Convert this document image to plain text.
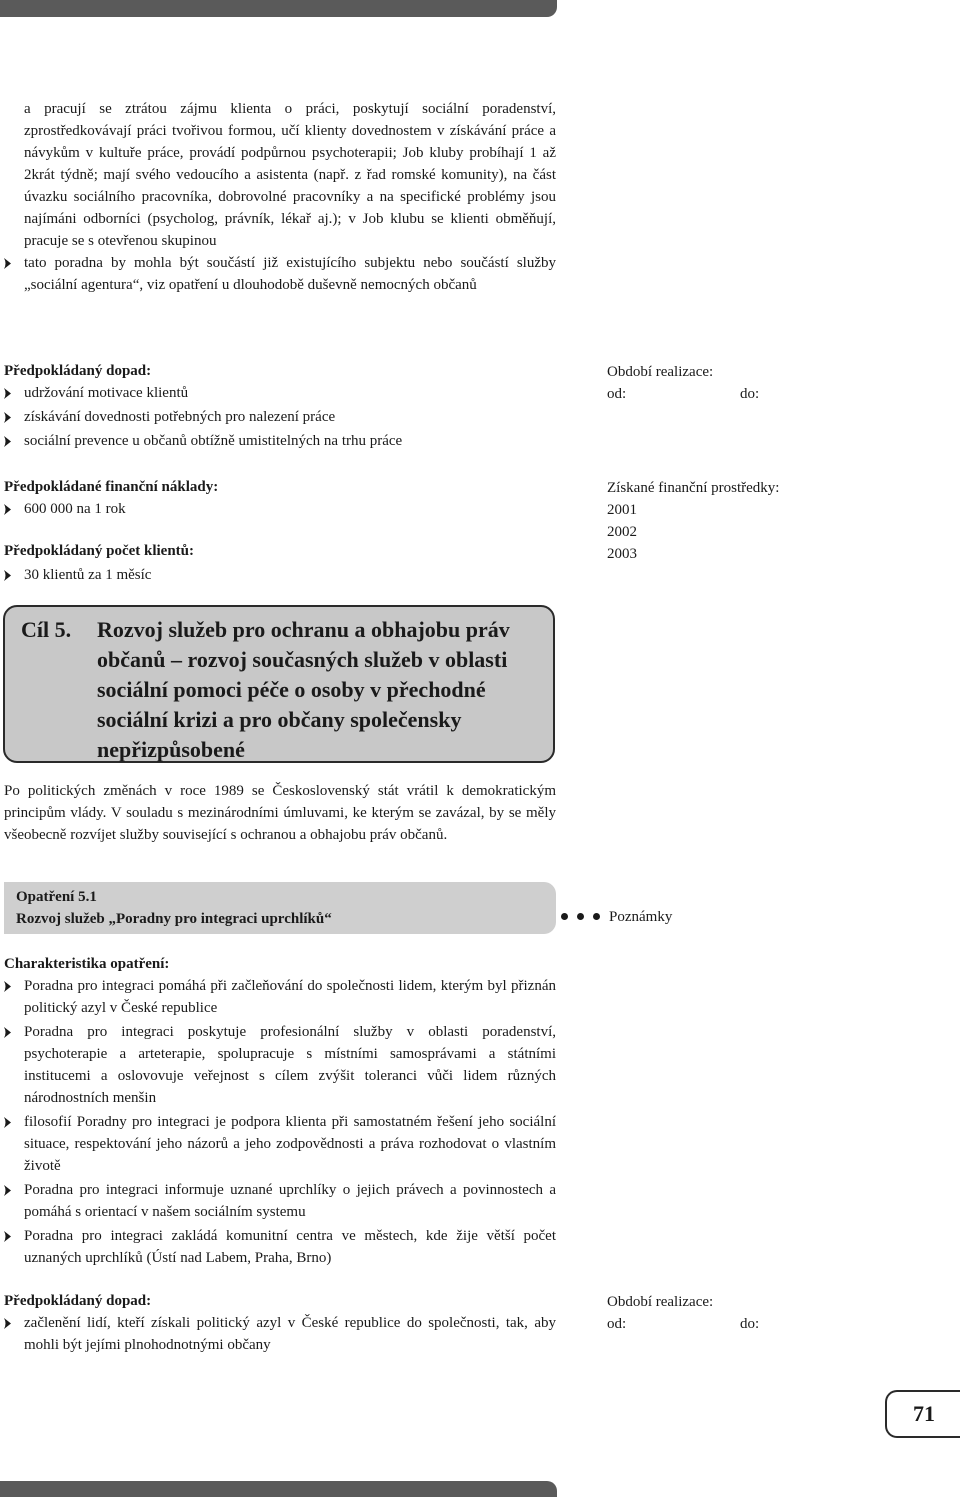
a pracují se ztrátou zájmu klienta o práci, poskytují sociální poradenství, zprostředkovávají práci tvořivou formou, učí klienty dovednostem v získávání práce a návykům v kultuře práce, provádí podpůrnou psychoterapii; Job kluby probíhají 1 až 2krát týdně; mají svého vedoucího a asistenta (např. z řad romské komunity), na část úvazku sociálního pracovníka, dobrovolné pracovníky a na specifické problémy jsou najímáni odborníci (psycholog, právník, lékař aj.); v Job klubu se klienti obměňují, pracuje se s otevřenou skupinou

tato poradna by mohla být součástí již existujícího subjektu nebo součástí služby „sociální agentura“, viz opatření u dlouhodobě duševně nemocných občanů

Předpokládaný dopad:

udržování motivace klientů
získávání dovednosti potřebných pro nalezení práce
sociální prevence u občanů obtížně umistitelných na trhu práce
Období realizace:
od:	do:

Předpokládané finanční náklady:

600 000 na 1 rok

Předpokládaný počet klientů:

30 klientů za 1 měsíc
Získané finanční prostředky:
2001
2002
2003
Cíl 5. Rozvoj služeb pro ochranu a obhajobu práv občanů – rozvoj současných služeb v oblasti sociální pomoci péče o osoby v přechodné sociální krizi a pro občany společensky nepřizpůsobené

Po politických změnách v roce 1989 se Československý stát vrátil k demokratickým principům vlády. V souladu s mezinárodními úmluvami, ke kterým se zavázal, by se měly všeobecně rozvíjet služby související s ochranou a obhajobu práv občanů.

Opatření 5.1
Rozvoj služeb „Poradny pro integraci uprchlíků“	Poznámky

Charakteristika opatření:

Poradna pro integraci pomáhá při začleňování do společnosti lidem, kterým byl přiznán politický azyl v České republice
Poradna pro integraci poskytuje profesionální služby v oblasti poradenství, psychoterapie a arteterapie, spolupracuje s místními samosprávami a státními institucemi a oslovovuje veřejnost s cílem zvýšit toleranci vůči lidem různých národnostních menšin
filosofií Poradny pro integraci je podpora klienta při samostatném řešení jeho sociální situace, respektování jeho názorů a jeho zodpovědnosti a práva rozhodovat o vlastním životě
Poradna pro integraci informuje uznané uprchlíky o jejich právech a povinnostech a pomáhá s orientací v našem sociálním systemu
Poradna pro integraci zakládá komunitní centra ve městech, kde žije větší počet uznaných uprchlíků (Ústí nad Labem, Praha, Brno)

Předpokládaný dopad:

začlenění lidí, kteří získali politický azyl v České republice do společnosti, tak, aby mohli být jejími plnohodnotnými občany
Období realizace:
od:	do:
71
